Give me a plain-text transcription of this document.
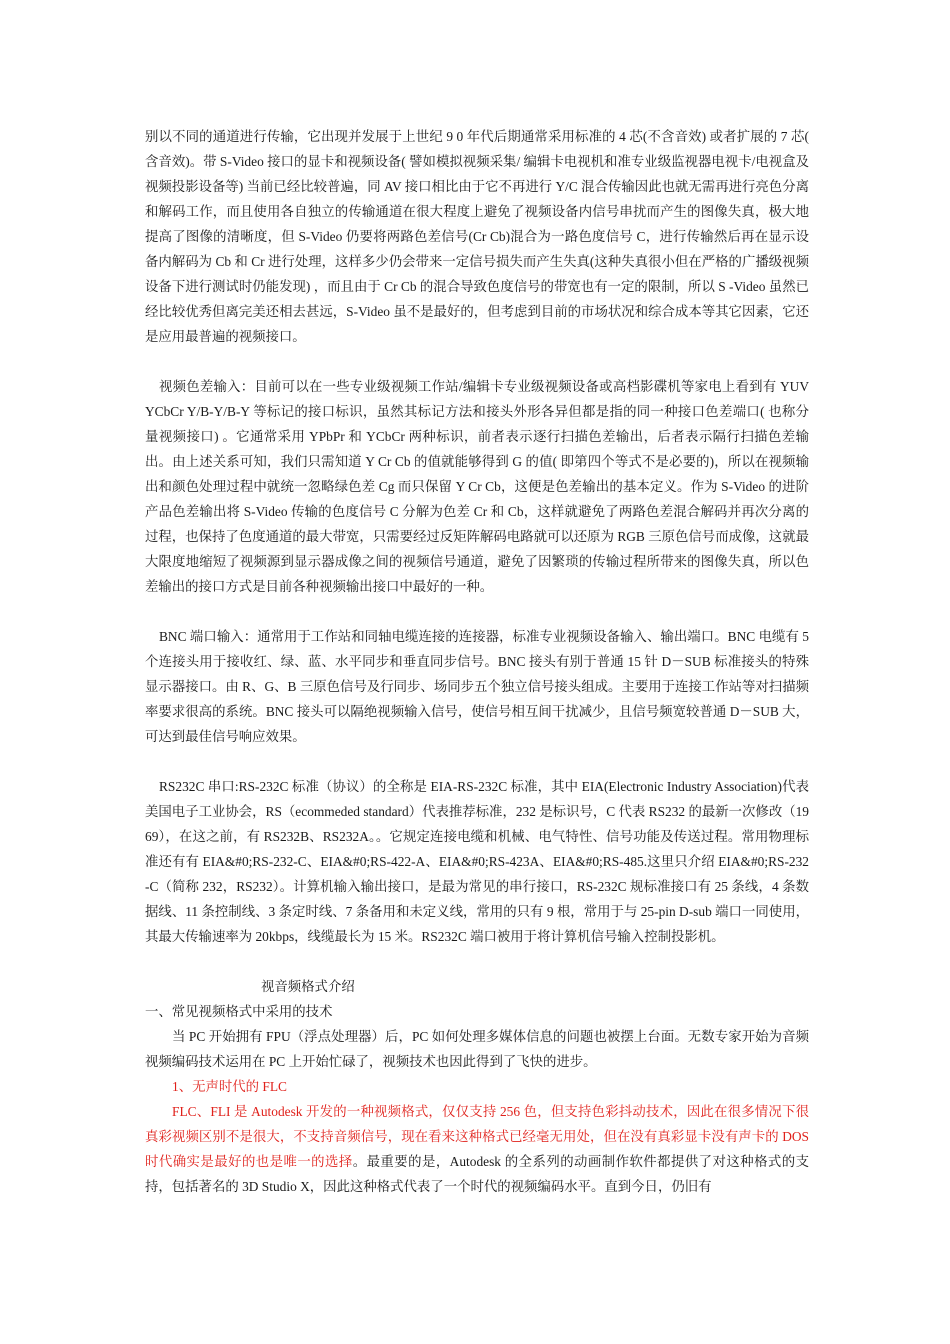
别以不同的通道进行传输，它出现并发展于上世纪 9 0 年代后期通常采用标准的 4 芯(不含音效) 或者扩展的 7 芯( 含音效)。带 S-Video 接口的显卡和视频设备( 譬如模拟视频采集/ 编辑卡电视机和准专业级监视器电视卡/电视盒及视频投影设备等) 当前已经比较普遍，同 AV 接口相比由于它不再进行 Y/C 混合传输因此也就无需再进行亮色分离和解码工作，而且使用各自独立的传输通道在很大程度上避免了视频设备内信号串扰而产生的图像失真，极大地提高了图像的清晰度，但 S-Video 仍要将两路色差信号(Cr Cb)混合为一路色度信号 C，进行传输然后再在显示设备内解码为 Cb 和 Cr 进行处理，这样多少仍会带来一定信号损失而产生失真(这种失真很小但在严格的广播级视频设备下进行测试时仍能发现) ，而且由于 Cr Cb 的混合导致色度信号的带宽也有一定的限制，所以 S -Video 虽然已经比较优秀但离完美还相去甚远，S-Video 虽不是最好的，但考虑到目前的市场状况和综合成本等其它因素，它还是应用最普遍的视频接口。

视频色差输入：目前可以在一些专业级视频工作站/编辑卡专业级视频设备或高档影碟机等家电上看到有 YUV YCbCr Y/B-Y/B-Y 等标记的接口标识，虽然其标记方法和接头外形各异但都是指的同一种接口色差端口( 也称分量视频接口) 。它通常采用 YPbPr 和 YCbCr 两种标识，前者表示逐行扫描色差输出，后者表示隔行扫描色差输出。由上述关系可知，我们只需知道 Y Cr Cb 的值就能够得到 G 的值( 即第四个等式不是必要的)，所以在视频输出和颜色处理过程中就统一忽略绿色差 Cg 而只保留 Y Cr Cb，这便是色差输出的基本定义。作为 S-Video 的进阶产品色差输出将 S-Video 传输的色度信号 C 分解为色差 Cr 和 Cb，这样就避免了两路色差混合解码并再次分离的过程，也保持了色度通道的最大带宽，只需要经过反矩阵解码电路就可以还原为 RGB 三原色信号而成像，这就最大限度地缩短了视频源到显示器成像之间的视频信号通道，避免了因繁琐的传输过程所带来的图像失真，所以色差输出的接口方式是目前各种视频输出接口中最好的一种。

BNC 端口输入：通常用于工作站和同轴电缆连接的连接器，标准专业视频设备输入、输出端口。BNC 电缆有 5 个连接头用于接收红、绿、蓝、水平同步和垂直同步信号。BNC 接头有别于普通 15 针 D－SUB 标准接头的特殊显示器接口。由 R、G、B 三原色信号及行同步、场同步五个独立信号接头组成。主要用于连接工作站等对扫描频率要求很高的系统。BNC 接头可以隔绝视频输入信号，使信号相互间干扰减少，且信号频宽较普通 D－SUB 大，可达到最佳信号响应效果。

RS232C 串口:RS-232C 标准（协议）的全称是 EIA-RS-232C 标准，其中 EIA(Electronic Industry Association)代表美国电子工业协会，RS（ecommeded standard）代表推荐标准，232 是标识号，C 代表 RS232 的最新一次修改（1969），在这之前，有 RS232B、RS232A。。它规定连接电缆和机械、电气特性、信号功能及传送过程。常用物理标准还有有 EIA&#0;RS-232-C、EIA&#0;RS-422-A、EIA&#0;RS-423A、EIA&#0;RS-485.这里只介绍 EIA&#0;RS-232-C（简称 232，RS232）。计算机输入输出接口，是最为常见的串行接口，RS-232C 规标准接口有 25 条线，4 条数据线、11 条控制线、3 条定时线、7 条备用和未定义线，常用的只有 9 根，常用于与 25-pin D-sub 端口一同使用，其最大传输速率为 20kbps，线缆最长为 15 米。RS232C 端口被用于将计算机信号输入控制投影机。

视音频格式介绍

一、常见视频格式中采用的技术

当 PC 开始拥有 FPU（浮点处理器）后，PC 如何处理多媒体信息的问题也被摆上台面。无数专家开始为音频视频编码技术运用在 PC 上开始忙碌了，视频技术也因此得到了飞快的进步。

1、无声时代的 FLC

FLC、FLI 是 Autodesk 开发的一种视频格式，仅仅支持 256 色，但支持色彩抖动技术，因此在很多情况下很真彩视频区别不是很大，不支持音频信号，现在看来这种格式已经毫无用处，但在没有真彩显卡没有声卡的 DOS 时代确实是最好的也是唯一的选择。最重要的是，Autodesk 的全系列的动画制作软件都提供了对这种格式的支持，包括著名的 3D Studio X，因此这种格式代表了一个时代的视频编码水平。直到今日，仍旧有
